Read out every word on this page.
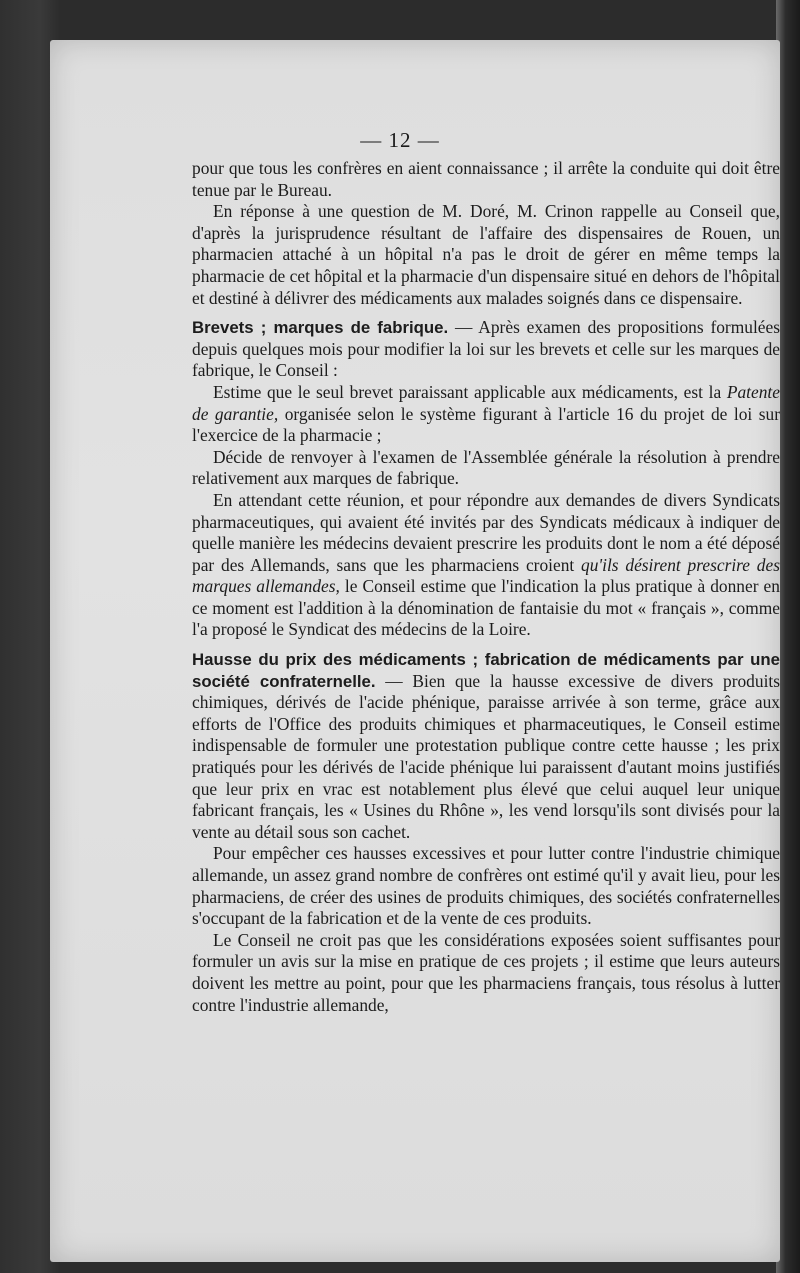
— 12 —

pour que tous les confrères en aient connaissance ; il arrête la conduite qui doit être tenue par le Bureau.

En réponse à une question de M. Doré, M. Crinon rappelle au Conseil que, d'après la jurisprudence résultant de l'affaire des dispensaires de Rouen, un pharmacien attaché à un hôpital n'a pas le droit de gérer en même temps la pharmacie de cet hôpital et la pharmacie d'un dispensaire situé en dehors de l'hôpital et destiné à délivrer des médicaments aux malades soignés dans ce dispensaire.

Brevets ; marques de fabrique. — Après examen des propositions formulées depuis quelques mois pour modifier la loi sur les brevets et celle sur les marques de fabrique, le Conseil :

Estime que le seul brevet paraissant applicable aux médicaments, est la Patente de garantie, organisée selon le système figurant à l'article 16 du projet de loi sur l'exercice de la pharmacie ;

Décide de renvoyer à l'examen de l'Assemblée générale la résolution à prendre relativement aux marques de fabrique.

En attendant cette réunion, et pour répondre aux demandes de divers Syndicats pharmaceutiques, qui avaient été invités par des Syndicats médicaux à indiquer de quelle manière les médecins devaient prescrire les produits dont le nom a été déposé par des Allemands, sans que les pharmaciens croient qu'ils désirent prescrire des marques allemandes, le Conseil estime que l'indication la plus pratique à donner en ce moment est l'addition à la dénomination de fantaisie du mot « français », comme l'a proposé le Syndicat des médecins de la Loire.

Hausse du prix des médicaments ; fabrication de médicaments par une société confraternelle. — Bien que la hausse excessive de divers produits chimiques, dérivés de l'acide phénique, paraisse arrivée à son terme, grâce aux efforts de l'Office des produits chimiques et pharmaceutiques, le Conseil estime indispensable de formuler une protestation publique contre cette hausse ; les prix pratiqués pour les dérivés de l'acide phénique lui paraissent d'autant moins justifiés que leur prix en vrac est notablement plus élevé que celui auquel leur unique fabricant français, les « Usines du Rhône », les vend lorsqu'ils sont divisés pour la vente au détail sous son cachet.

Pour empêcher ces hausses excessives et pour lutter contre l'industrie chimique allemande, un assez grand nombre de confrères ont estimé qu'il y avait lieu, pour les pharmaciens, de créer des usines de produits chimiques, des sociétés confraternelles s'occupant de la fabrication et de la vente de ces produits.

Le Conseil ne croit pas que les considérations exposées soient suffisantes pour formuler un avis sur la mise en pratique de ces projets ; il estime que leurs auteurs doivent les mettre au point, pour que les pharmaciens français, tous résolus à lutter contre l'industrie allemande,
